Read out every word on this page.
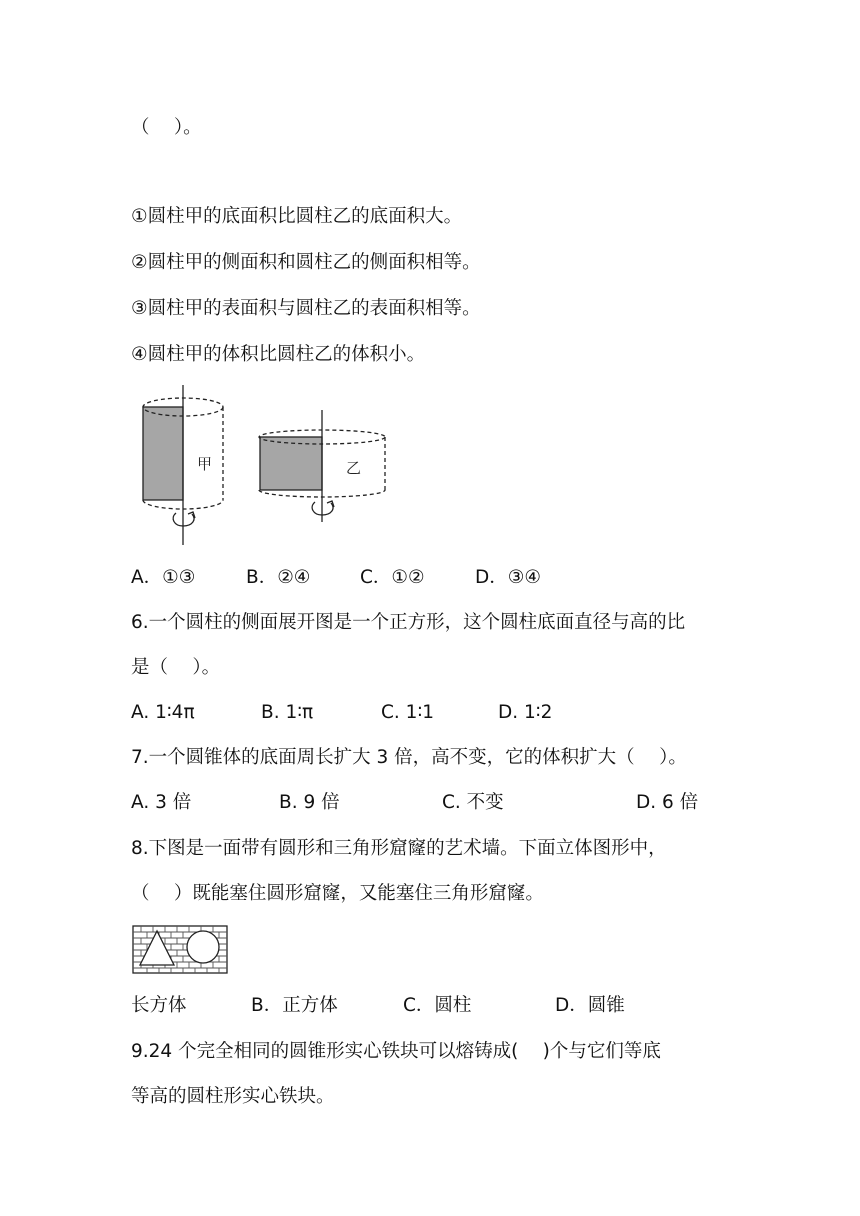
（　 ）。
①圆柱甲的底面积比圆柱乙的底面积大。
②圆柱甲的侧面积和圆柱乙的侧面积相等。
③圆柱甲的表面积与圆柱乙的表面积相等。
④圆柱甲的体积比圆柱乙的体积小。
甲	乙
A．①③	B．②④	C．①②	D．③④
6.一个圆柱的侧面展开图是一个正方形，这个圆柱底面直径与高的比
是（　 ）。
A. 1∶4π	B. 1∶π	C. 1∶1	D. 1∶2
7.一个圆锥体的底面周长扩大 3 倍，高不变，它的体积扩大（　 ）。
A. 3 倍	B. 9 倍	C. 不变	D. 6 倍
8.下图是一面带有圆形和三角形窟窿的艺术墙。下面立体图形中，
（　 ）既能塞住圆形窟窿，又能塞住三角形窟窿。
长方体	B．正方体	C．圆柱	D．圆锥
9.24 个完全相同的圆锥形实心铁块可以熔铸成(　 )个与它们等底
等高的圆柱形实心铁块。
